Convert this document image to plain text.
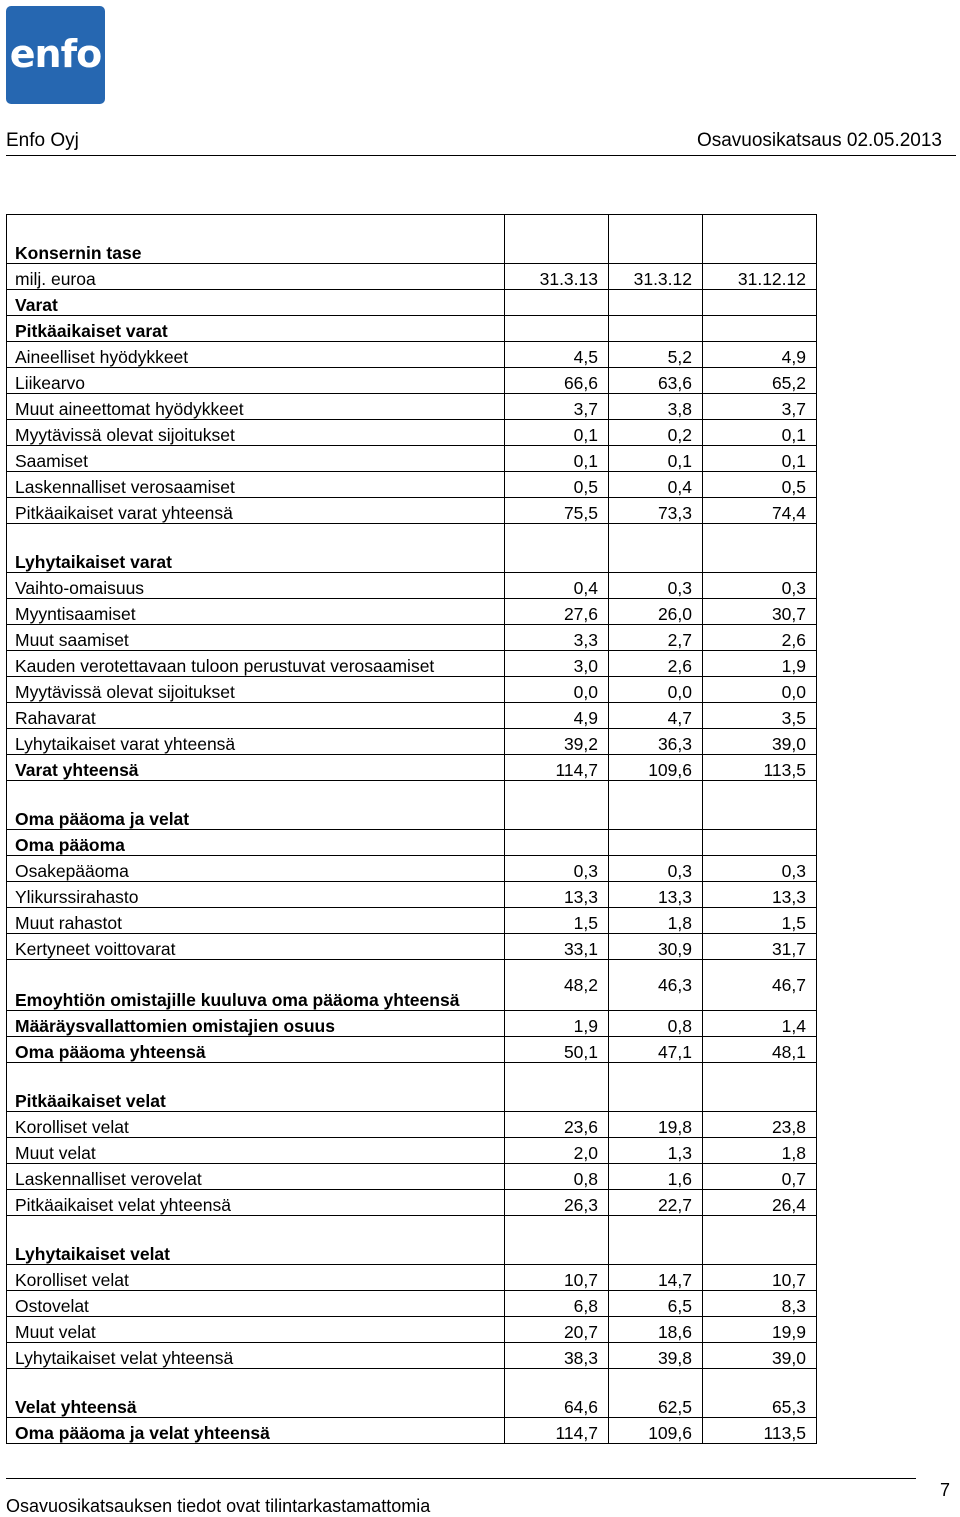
enfo
Enfo Oyj	Osavuosikatsaus 02.05.2013
Konsernin tase			
milj. euroa	31.3.13	31.3.12	31.12.12
Varat			
Pitkäaikaiset varat			
Aineelliset hyödykkeet	4,5	5,2	4,9
Liikearvo	66,6	63,6	65,2
Muut aineettomat hyödykkeet	3,7	3,8	3,7
Myytävissä olevat sijoitukset	0,1	0,2	0,1
Saamiset	0,1	0,1	0,1
Laskennalliset verosaamiset	0,5	0,4	0,5
Pitkäaikaiset varat yhteensä	75,5	73,3	74,4
Lyhytaikaiset varat			
Vaihto-omaisuus	0,4	0,3	0,3
Myyntisaamiset	27,6	26,0	30,7
Muut saamiset	3,3	2,7	2,6
Kauden verotettavaan tuloon perustuvat verosaamiset	3,0	2,6	1,9
Myytävissä olevat sijoitukset	0,0	0,0	0,0
Rahavarat	4,9	4,7	3,5
Lyhytaikaiset varat yhteensä	39,2	36,3	39,0
Varat yhteensä	114,7	109,6	113,5
Oma pääoma ja velat			
Oma pääoma			
Osakepääoma	0,3	0,3	0,3
Ylikurssirahasto	13,3	13,3	13,3
Muut rahastot	1,5	1,8	1,5
Kertyneet voittovarat	33,1	30,9	31,7
Emoyhtiön omistajille kuuluva oma pääoma yhteensä	48,2	46,3	46,7
Määräysvallattomien omistajien osuus	1,9	0,8	1,4
Oma pääoma yhteensä	50,1	47,1	48,1
Pitkäaikaiset velat			
Korolliset velat	23,6	19,8	23,8
Muut velat	2,0	1,3	1,8
Laskennalliset verovelat	0,8	1,6	0,7
Pitkäaikaiset velat yhteensä	26,3	22,7	26,4
Lyhytaikaiset velat			
Korolliset velat	10,7	14,7	10,7
Ostovelat	6,8	6,5	8,3
Muut velat	20,7	18,6	19,9
Lyhytaikaiset velat yhteensä	38,3	39,8	39,0
Velat yhteensä	64,6	62,5	65,3
Oma pääoma ja velat yhteensä	114,7	109,6	113,5
Osavuosikatsauksen tiedot ovat tilintarkastamattomia
7
